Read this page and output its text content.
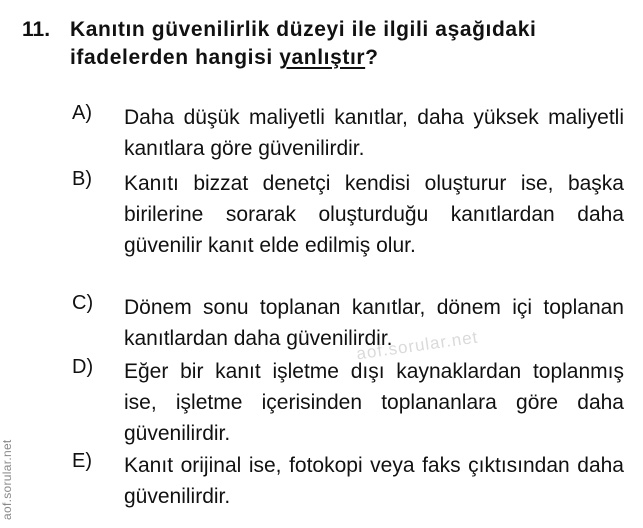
11. Kanıtın güvenilirlik düzeyi ile ilgili aşağıdaki ifadelerden hangisi yanlıştır?
A) Daha düşük maliyetli kanıtlar, daha yüksek maliyetli kanıtlara göre güvenilirdir.
B) Kanıtı bizzat denetçi kendisi oluşturur ise, başka birilerine sorarak oluşturduğu kanıtlardan daha güvenilir kanıt elde edilmiş olur.
C) Dönem sonu toplanan kanıtlar, dönem içi toplanan kanıtlardan daha güvenilirdir.
D) Eğer bir kanıt işletme dışı kaynaklardan toplanmış ise, işletme içerisinden toplananlara göre daha güvenilirdir.
E) Kanıt orijinal ise, fotokopi veya faks çıktısından daha güvenilirdir.
aof.sorular.net
aof.sorular.net
